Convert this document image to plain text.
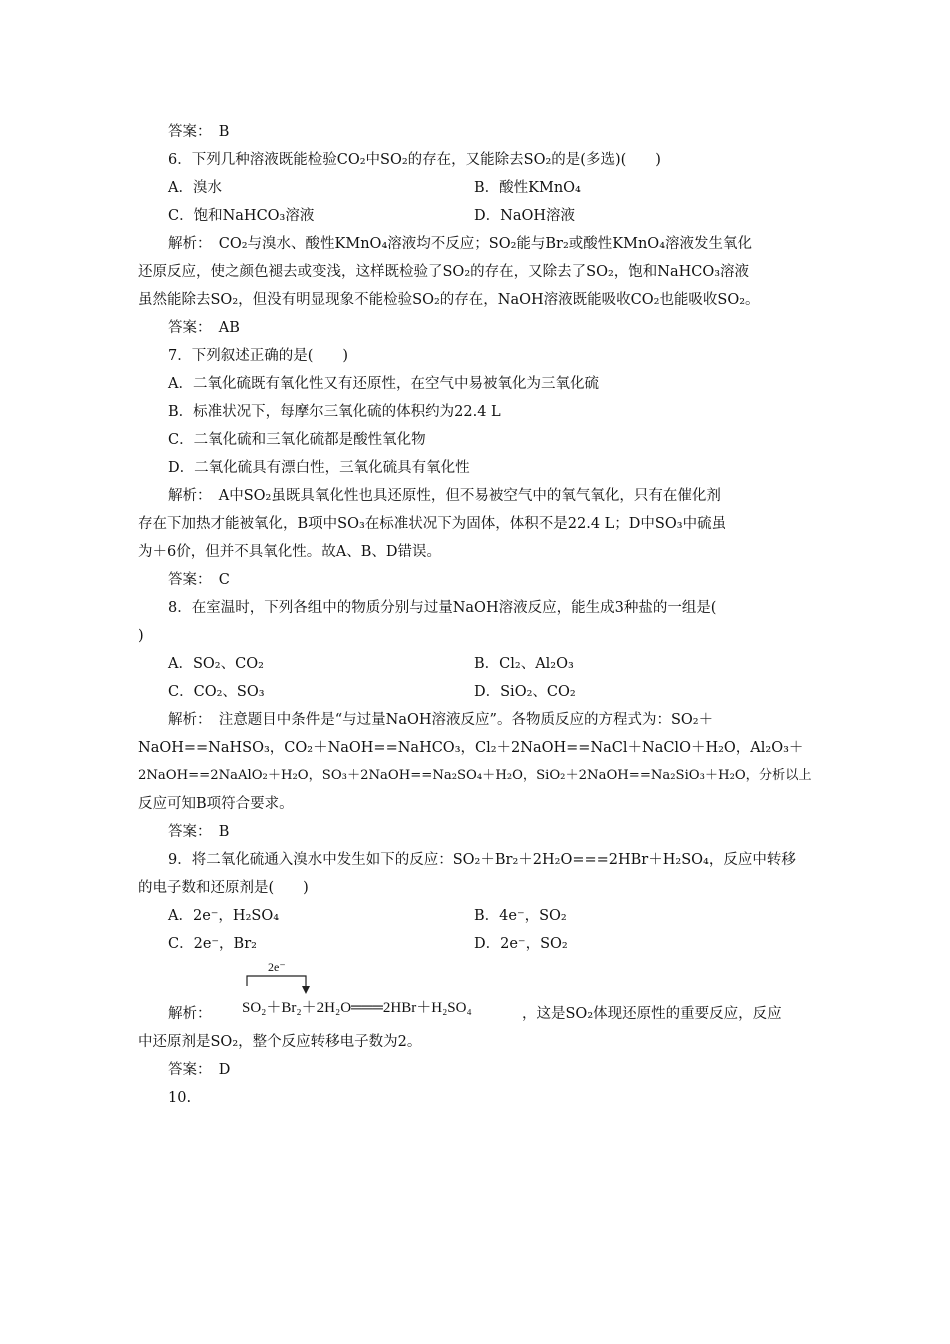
答案：　B
6．下列几种溶液既能检验CO₂中SO₂的存在，又能除去SO₂的是(多选)(　　)
A．溴水	B．酸性KMnO₄
C．饱和NaHCO₃溶液	D．NaOH溶液
解析：　CO₂与溴水、酸性KMnO₄溶液均不反应；SO₂能与Br₂或酸性KMnO₄溶液发生氧化
还原反应，使之颜色褪去或变浅，这样既检验了SO₂的存在，又除去了SO₂，饱和NaHCO₃溶液
虽然能除去SO₂，但没有明显现象不能检验SO₂的存在，NaOH溶液既能吸收CO₂也能吸收SO₂。
答案：　AB
7．下列叙述正确的是(　　)
A．二氧化硫既有氧化性又有还原性，在空气中易被氧化为三氧化硫
B．标准状况下，每摩尔三氧化硫的体积约为22.4 L
C．二氧化硫和三氧化硫都是酸性氧化物
D．二氧化硫具有漂白性，三氧化硫具有氧化性
解析：　A中SO₂虽既具氧化性也具还原性，但不易被空气中的氧气氧化，只有在催化剂
存在下加热才能被氧化，B项中SO₃在标准状况下为固体，体积不是22.4 L；D中SO₃中硫虽
为＋6价，但并不具氧化性。故A、B、D错误。
答案：　C
8．在室温时，下列各组中的物质分别与过量NaOH溶液反应，能生成3种盐的一组是(
)
A．SO₂、CO₂	B．Cl₂、Al₂O₃
C．CO₂、SO₃	D．SiO₂、CO₂
解析：　注意题目中条件是“与过量NaOH溶液反应”。各物质反应的方程式为：SO₂＋
NaOH==NaHSO₃，CO₂＋NaOH==NaHCO₃，Cl₂＋2NaOH==NaCl＋NaClO＋H₂O，Al₂O₃＋
2NaOH==2NaAlO₂＋H₂O，SO₃＋2NaOH==Na₂SO₄＋H₂O，SiO₂＋2NaOH==Na₂SiO₃＋H₂O，分析以上
反应可知B项符合要求。
答案：　B
9．将二氧化硫通入溴水中发生如下的反应：SO₂＋Br₂＋2H₂O===2HBr＋H₂SO₄，反应中转移
的电子数和还原剂是(　　)
A．2e⁻，H₂SO₄	B．4e⁻，SO₂
C．2e⁻，Br₂	D．2e⁻，SO₂
2e⁻
SO₂＋Br₂＋2H₂O═══2HBr＋H₂SO₄
解析：	，这是SO₂体现还原性的重要反应，反应
中还原剂是SO₂，整个反应转移电子数为2。
答案：　D
10.
